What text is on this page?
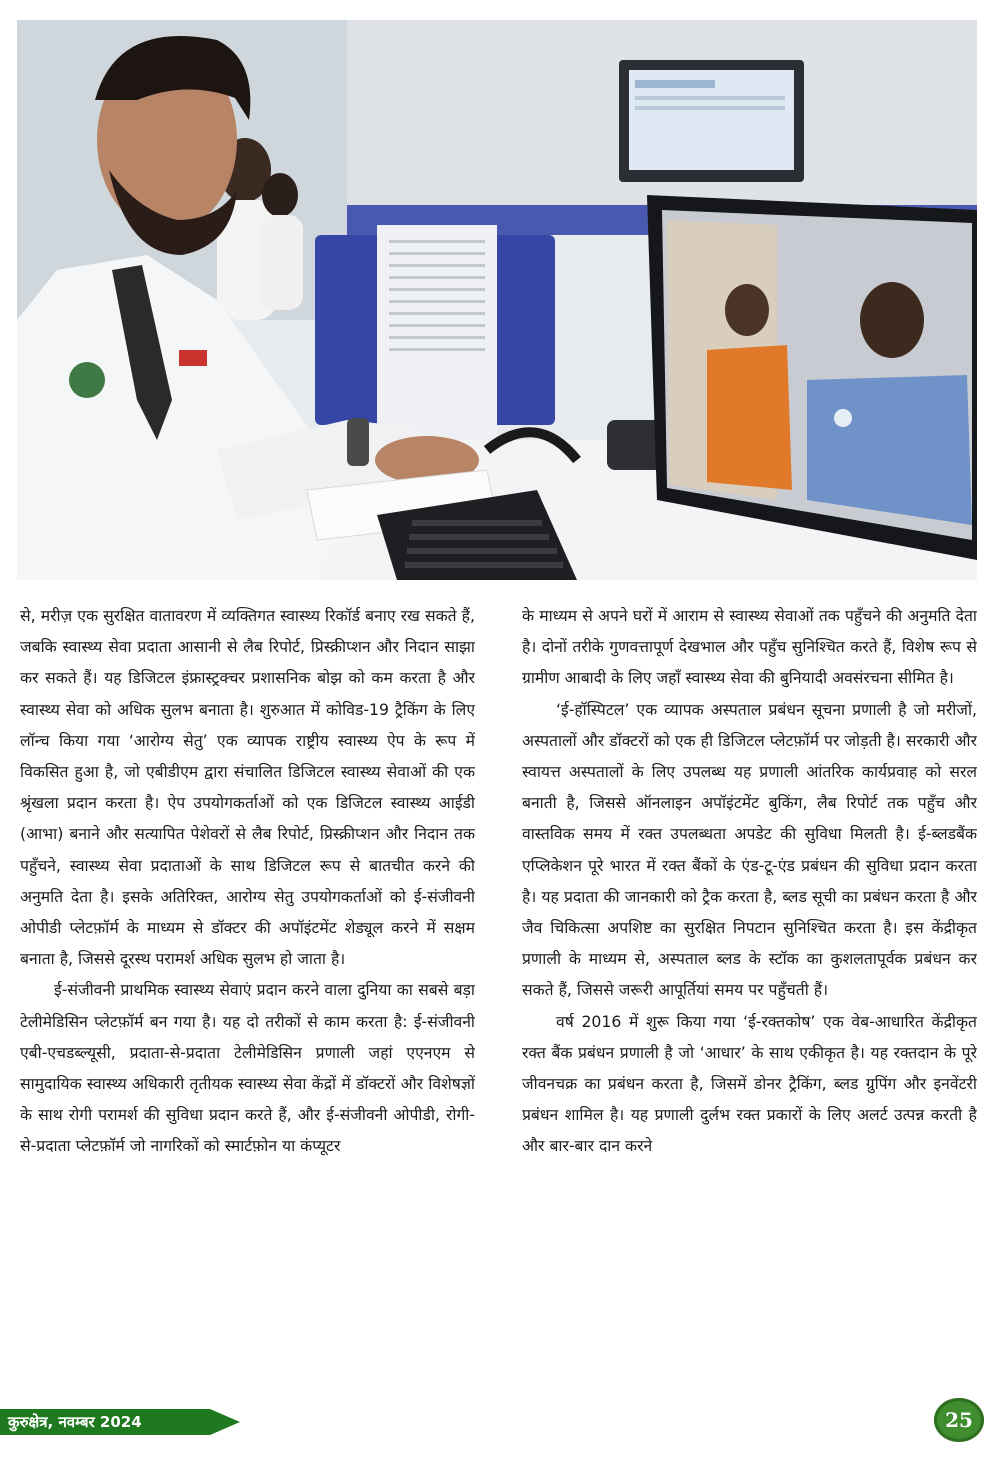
से, मरीज़ एक सुरक्षित वातावरण में व्यक्तिगत स्वास्थ्य रिकॉर्ड बनाए रख सकते हैं, जबकि स्वास्थ्य सेवा प्रदाता आसानी से लैब रिपोर्ट, प्रिस्क्रीप्शन और निदान साझा कर सकते हैं। यह डिजिटल इंफ्रास्ट्रक्चर प्रशासनिक बोझ को कम करता है और स्वास्थ्य सेवा को अधिक सुलभ बनाता है। शुरुआत में कोविड-19 ट्रैकिंग के लिए लॉन्च किया गया ‘आरोग्य सेतु’ एक व्यापक राष्ट्रीय स्वास्थ्य ऐप के रूप में विकसित हुआ है, जो एबीडीएम द्वारा संचालित डिजिटल स्वास्थ्य सेवाओं की एक श्रृंखला प्रदान करता है। ऐप उपयोगकर्ताओं को एक डिजिटल स्वास्थ्य आईडी (आभा) बनाने और सत्यापित पेशेवरों से लैब रिपोर्ट, प्रिस्क्रीप्शन और निदान तक पहुँचने, स्वास्थ्य सेवा प्रदाताओं के साथ डिजिटल रूप से बातचीत करने की अनुमति देता है। इसके अतिरिक्त, आरोग्य सेतु उपयोगकर्ताओं को ई-संजीवनी ओपीडी प्लेटफ़ॉर्म के माध्यम से डॉक्टर की अपॉइंटमेंट शेड्यूल करने में सक्षम बनाता है, जिससे दूरस्थ परामर्श अधिक सुलभ हो जाता है।

ई-संजीवनी प्राथमिक स्वास्थ्य सेवाएं प्रदान करने वाला दुनिया का सबसे बड़ा टेलीमेडिसिन प्लेटफ़ॉर्म बन गया है। यह दो तरीकों से काम करता है: ई-संजीवनी एबी-एचडब्ल्यूसी, प्रदाता-से-प्रदाता टेलीमेडिसिन प्रणाली जहां एएनएम से सामुदायिक स्वास्थ्य अधिकारी तृतीयक स्वास्थ्य सेवा केंद्रों में डॉक्टरों और विशेषज्ञों के साथ रोगी परामर्श की सुविधा प्रदान करते हैं, और ई-संजीवनी ओपीडी, रोगी-से-प्रदाता प्लेटफ़ॉर्म जो नागरिकों को स्मार्टफ़ोन या कंप्यूटर

के माध्यम से अपने घरों में आराम से स्वास्थ्य सेवाओं तक पहुँचने की अनुमति देता है। दोनों तरीके गुणवत्तापूर्ण देखभाल और पहुँच सुनिश्चित करते हैं, विशेष रूप से ग्रामीण आबादी के लिए जहाँ स्वास्थ्य सेवा की बुनियादी अवसंरचना सीमित है।

‘ई-हॉस्पिटल’ एक व्यापक अस्पताल प्रबंधन सूचना प्रणाली है जो मरीजों, अस्पतालों और डॉक्टरों को एक ही डिजिटल प्लेटफ़ॉर्म पर जोड़ती है। सरकारी और स्वायत्त अस्पतालों के लिए उपलब्ध यह प्रणाली आंतरिक कार्यप्रवाह को सरल बनाती है, जिससे ऑनलाइन अपॉइंटमेंट बुकिंग, लैब रिपोर्ट तक पहुँच और वास्तविक समय में रक्त उपलब्धता अपडेट की सुविधा मिलती है। ई-ब्लडबैंक एप्लिकेशन पूरे भारत में रक्त बैंकों के एंड-टू-एंड प्रबंधन की सुविधा प्रदान करता है। यह प्रदाता की जानकारी को ट्रैक करता है, ब्लड सूची का प्रबंधन करता है और जैव चिकित्सा अपशिष्ट का सुरक्षित निपटान सुनिश्चित करता है। इस केंद्रीकृत प्रणाली के माध्यम से, अस्पताल ब्लड के स्टॉक का कुशलतापूर्वक प्रबंधन कर सकते हैं, जिससे जरूरी आपूर्तियां समय पर पहुँचती हैं।

वर्ष 2016 में शुरू किया गया ‘ई-रक्तकोष’ एक वेब-आधारित केंद्रीकृत रक्त बैंक प्रबंधन प्रणाली है जो ‘आधार’ के साथ एकीकृत है। यह रक्तदान के पूरे जीवनचक्र का प्रबंधन करता है, जिसमें डोनर ट्रैकिंग, ब्लड ग्रुपिंग और इनवेंटरी प्रबंधन शामिल है। यह प्रणाली दुर्लभ रक्त प्रकारों के लिए अलर्ट उत्पन्न करती है और बार-बार दान करने

कुरुक्षेत्र, नवम्बर 2024	25
